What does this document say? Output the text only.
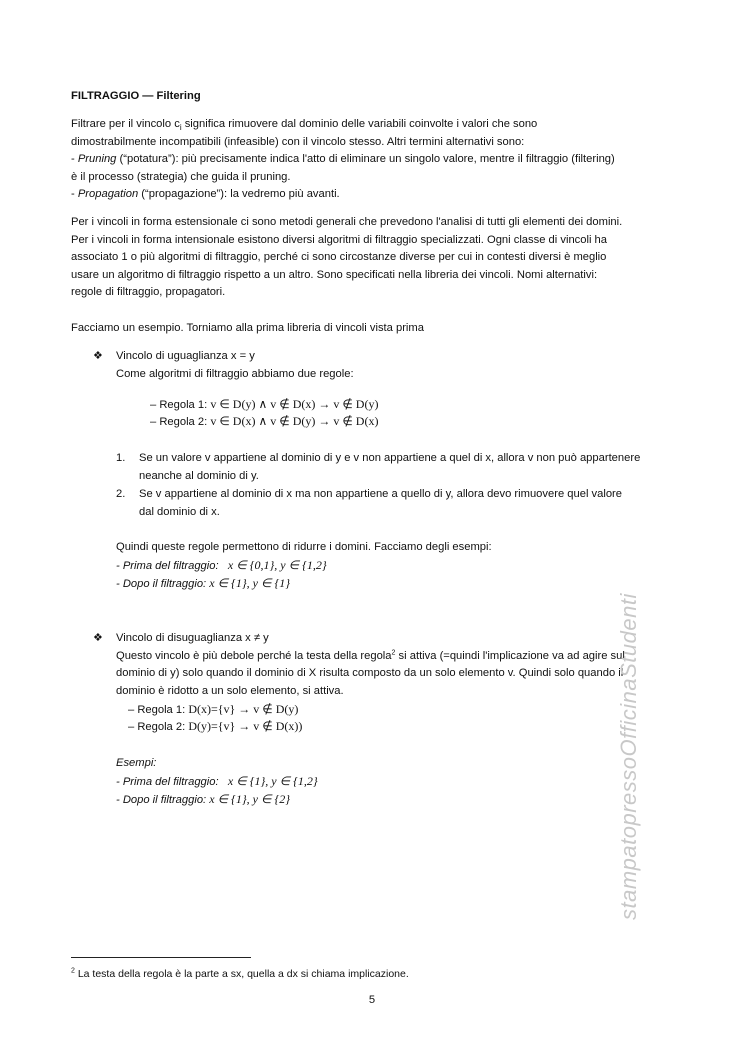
FILTRAGGIO — Filtering
Filtrare per il vincolo $c_i$ significa rimuovere dal dominio delle variabili coinvolte i valori che sono
dimostrabilmente incompatibili (infeasible) con il vincolo stesso. Altri termini alternativi sono:
- Pruning (“potatura”): più precisamente indica l'atto di eliminare un singolo valore, mentre il filtraggio (filtering)
è il processo (strategia) che guida il pruning.
- Propagation (“propagazione”): la vedremo più avanti.
Per i vincoli in forma estensionale ci sono metodi generali che prevedono l'analisi di tutti gli elementi dei domini.
Per i vincoli in forma intensionale esistono diversi algoritmi di filtraggio specializzati. Ogni classe di vincoli ha
associato 1 o più algoritmi di filtraggio, perché ci sono circostanze diverse per cui in contesti diversi è meglio
usare un algoritmo di filtraggio rispetto a un altro. Sono specificati nella libreria dei vincoli. Nomi alternativi:
regole di filtraggio, propagatori.
Facciamo un esempio. Torniamo alla prima libreria di vincoli vista prima
❖ Vincolo di uguaglianza x = y
Come algoritmi di filtraggio abbiamo due regole:
– Regola 1: v ∈ D(y) ∧ v ∉ D(x) → v ∉ D(y)
– Regola 2: v ∈ D(x) ∧ v ∉ D(y) → v ∉ D(x)
1. Se un valore v appartiene al dominio di y e v non appartiene a quel di x, allora v non può appartenere
neanche al dominio di y.
2. Se v appartiene al dominio di x ma non appartiene a quello di y, allora devo rimuovere quel valore
dal dominio di x.
Quindi queste regole permettono di ridurre i domini. Facciamo degli esempi:
- Prima del filtraggio: x ∈ {0,1}, y ∈ {1,2}
- Dopo il filtraggio: x ∈ {1}, y ∈ {1}
❖ Vincolo di disuguaglianza x ≠ y
Questo vincolo è più debole perché la testa della regola$^2$ si attiva (=quindi l'implicazione va ad agire sul
dominio di y) solo quando il dominio di X risulta composto da un solo elemento v. Quindi solo quando il
dominio è ridotto a un solo elemento, si attiva.
– Regola 1: D(x)={v} → v ∉ D(y)
– Regola 2: D(y)={v} → v ∉ D(x))
Esempi:
- Prima del filtraggio: x ∈ {1}, y ∈ {1,2}
- Dopo il filtraggio: x ∈ {1}, y ∈ {2}	stampatopressoOfficinaStudenti
$^2$ La testa della regola è la parte a sx, quella a dx si chiama implicazione.
5
